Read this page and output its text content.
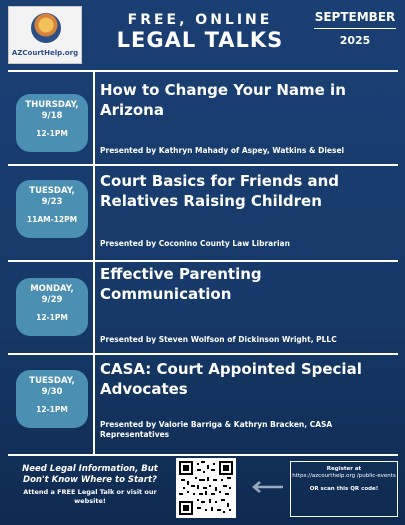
AZCourtHelp.org
FREE, ONLINE
LEGAL TALKS
SEPTEMBER
2025
THURSDAY,
9/18
12-1PM
How to Change Your Name in Arizona
Presented by Kathryn Mahady of Aspey, Watkins & Diesel
TUESDAY,
9/23
11AM-12PM
Court Basics for Friends and Relatives Raising Children
Presented by Coconino County Law Librarian
MONDAY,
9/29
12-1PM
Effective Parenting Communication
Presented by Steven Wolfson of Dickinson Wright, PLLC
TUESDAY,
9/30
12-1PM
CASA: Court Appointed Special Advocates
Presented by Valorie Barriga & Kathryn Bracken, CASA Representatives
Need Legal Information, But Don't Know Where to Start?
Attend a FREE Legal Talk or visit our website!
Register at
https://azcourthelp.org /public-events
OR scan this QR code!
